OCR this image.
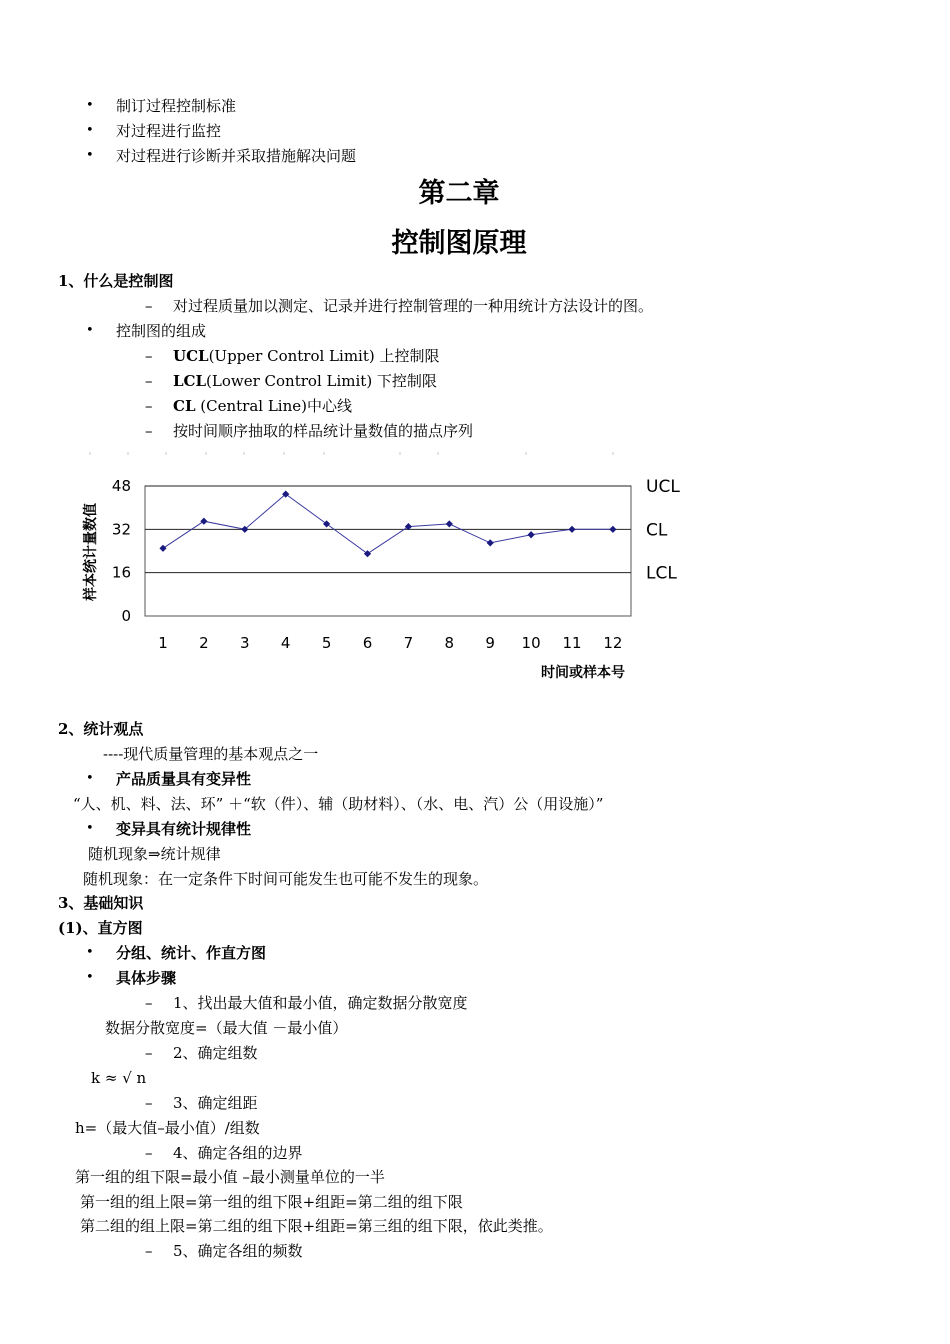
• 制订过程控制标准
• 对过程进行监控
• 对过程进行诊断并采取措施解决问题
第二章
控制图原理
1、什么是控制图
– 对过程质量加以测定、记录并进行控制管理的一种用统计方法设计的图。
• 控制图的组成
– UCL(Upper Control Limit) 上控制限
– LCL(Lower Control Limit) 下控制限
– CL (Central Line)中心线
– 按时间顺序抽取的样品统计量数值的描点序列
0
16
32
48	UCL
CL
LCL
1 2 3 4 5 6 7 8 9 10 11 12
样本统计量数值
时间或样本号
2、统计观点
----现代质量管理的基本观点之一
• 产品质量具有变异性
“人、机、料、法、环” ＋“软（件）、辅（助材料）、（水、电、汽）公（用设施）”
• 变异具有统计规律性
随机现象⇒统计规律
随机现象：在一定条件下时间可能发生也可能不发生的现象。
3、基础知识
(1)、直方图
• 分组、统计、作直方图
• 具体步骤
– 1、找出最大值和最小值，确定数据分散宽度
数据分散宽度=（最大值 －最小值）
– 2、确定组数
k ≈ √ n
– 3、确定组距
h=（最大值–最小值）/组数
– 4、确定各组的边界
第一组的组下限=最小值 –最小测量单位的一半
第一组的组上限=第一组的组下限+组距=第二组的组下限
第二组的组上限=第二组的组下限+组距=第三组的组下限，依此类推。
– 5、确定各组的频数
